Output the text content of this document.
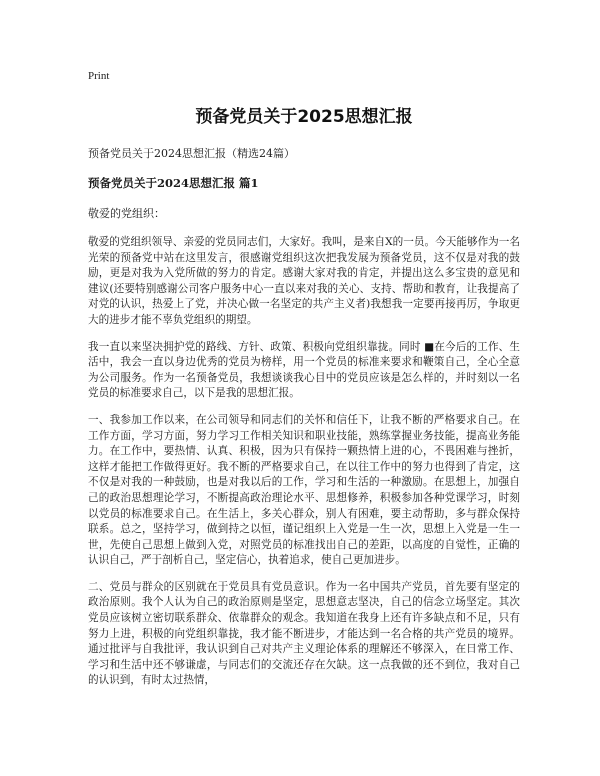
Print
预备党员关于2025思想汇报
预备党员关于2024思想汇报（精选24篇）
预备党员关于2024思想汇报 篇1
敬爱的党组织：

敬爱的党组织领导、亲爱的党员同志们，大家好。我叫，是来自X的一员。今天能够作为一名光荣的预备党中站在这里发言，很感谢党组织这次把我发展为预备党员，这不仅是对我的鼓励，更是对我为入党所做的努力的肯定。感谢大家对我的肯定，并提出这么多宝贵的意见和建议(还要特别感谢公司客户服务中心一直以来对我的关心、支持、帮助和教育，让我提高了对党的认识，热爱上了党，并决心做一名坚定的共产主义者)我想我一定要再接再厉，争取更大的进步才能不辜负党组织的期望。

我一直以来坚决拥护党的路线、方针、政策、积极向党组织靠拢。同时 ■在今后的工作、生活中，我会一直以身边优秀的党员为榜样，用一个党员的标准来要求和鞭策自己，全心全意为公司服务。作为一名预备党员，我想谈谈我心目中的党员应该是怎么样的，并时刻以一名党员的标准要求自己，以下是我的思想汇报。

一、我参加工作以来，在公司领导和同志们的关怀和信任下，让我不断的严格要求自己。在工作方面，学习方面，努力学习工作相关知识和职业技能，熟练掌握业务技能，提高业务能力。在工作中，要热情、认真、积极，因为只有保持一颗热情上进的心，不畏困难与挫折，这样才能把工作做得更好。我不断的严格要求自己，在以往工作中的努力也得到了肯定，这不仅是对我的一种鼓励，也是对我以后的工作，学习和生活的一种激励。在思想上，加强自己的政治思想理论学习，不断提高政治理论水平、思想修养，积极参加各种党课学习，时刻以党员的标准要求自己。在生活上，多关心群众，别人有困难，要主动帮助，多与群众保持联系。总之，坚持学习，做到持之以恒，谨记组织上入党是一生一次，思想上入党是一生一世，先使自己思想上做到入党，对照党员的标准找出自己的差距，以高度的自觉性，正确的认识自己，严于剖析自己，坚定信心，执着追求，使自己更加进步。

二、党员与群众的区别就在于党员具有党员意识。作为一名中国共产党员，首先要有坚定的政治原则。我个人认为自己的政治原则是坚定，思想意志坚决，自己的信念立场坚定。其次党员应该树立密切联系群众、依靠群众的观念。我知道在我身上还有许多缺点和不足，只有努力上进，积极的向党组织靠拢，我才能不断进步，才能达到一名合格的共产党员的境界。通过批评与自我批评，我认识到自己对共产主义理论体系的理解还不够深入，在日常工作、学习和生活中还不够谦虚，与同志们的交流还存在欠缺。这一点我做的还不到位，我对自己的认识到，有时太过热情，
